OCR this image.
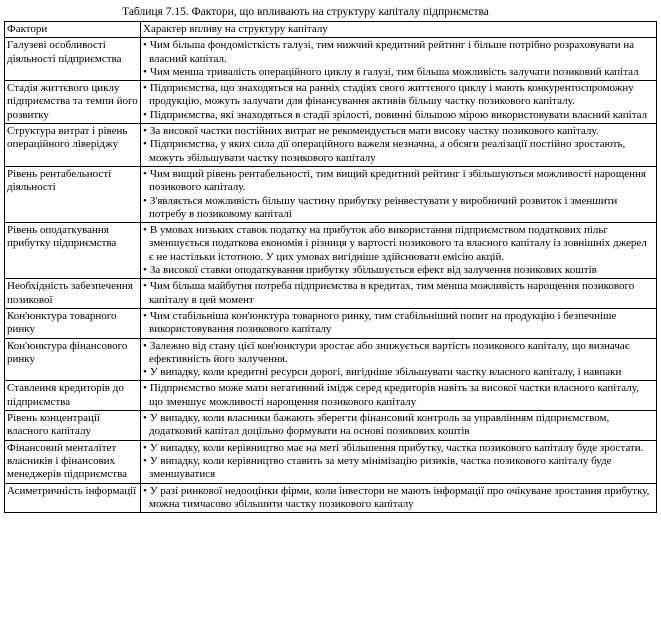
Таблиця 7.15. Фактори, що впливають на структуру капіталу підприємства
Фактори	Характер впливу на структуру капіталу
Галузеві особливості діяльності підприємства	• Чим більша фондомісткість галузі, тим нижчий кредитний рейтинг і більше потрібно розраховувати на власний капітал.
• Чим менша тривалість операційного циклу в галузі, тим більша можливість залучати позиковий капітал

Стадія життєвого циклу підприємства та темпи його розвитку	• Підприємства, що знаходяться на ранніх стадіях свого життєвого циклу і мають конкурентоспроможну продукцію, можуть залучати для фінансування активів більшу частку позикового капіталу.
• Підприємства, які знаходяться в стадії зрілості, повинні більшою мірою використовувати власний капітал

Структура витрат і рівень операційного ліверіджу	• За високої частки постійних витрат не рекомендується мати високу частку позикового капіталу.
• Підприємства, у яких сила дії операційного важеля незначна, а обсяги реалізації постійно зростають, можуть збільшувати частку позикового капіталу

Рівень рентабельності діяльності	• Чим вищий рівень рентабельності, тим вищий кредитний рейтинг і збільшуються можливості нарощення позикового капіталу.
• З'являється можливість більшу частину прибутку реінвестувати у виробничий розвиток і зменшити потребу в позиковому капіталі

Рівень оподаткування прибутку підприємства	• В умовах низьких ставок податку на прибуток або використання підприємством податкових пільг зменшується податкова економія і різниця у вартості позикового та власного капіталу із зовнішніх джерел є не настільки істотною. У цих умовах вигідніше здійснювати емісію акцій.
• За високої ставки оподаткування прибутку збільшується ефект від залучення позикових коштів

Необхідність забезпечення позикової	• Чим більша майбутня потреба підприємства в кредитах, тим менша можливість нарощення позикового капіталу в цей момент

Кон'юнктура товарного ринку	• Чим стабільніша кон'юнктура товарного ринку, тим стабільніший попит на продукцію і безпечніше використовування позикового капіталу

Кон'юнктура фінансового ринку	• Залежно від стану цієї кон'юнктури зростає або знижується вартість позикового капіталу, що визначає ефективність його залучення.
• У випадку, коли кредитні ресурси дорогі, вигідніше збільшувати частку власного капіталу, і навпаки

Ставлення кредиторів до підприємства	• Підприємство може мати негативний імідж серед кредиторів навіть за високої частки власного капіталу, що зменшує можливості нарощення позикового капіталу

Рівень концентрації власного капіталу	• У випадку, коли власники бажають зберегти фінансовий контроль за управлінням підприємством, додатковий капітал доцільно формувати на основі позикових коштів

Фінансовий менталітет власників і фінансових менеджерів підприємства	• У випадку, коли керівництво має на меті збільшення прибутку, частка позикового капіталу буде зростати.
• У випадку, коли керівництво ставить за мету мінімізацію ризиків, частка позикового капіталу буде зменшуватися

Асиметричність інформації	• У разі ринкової недооцінки фірми, коли інвестори не мають інформації про очікуване зростання прибутку, можна тимчасово збільшити частку позикового капіталу
